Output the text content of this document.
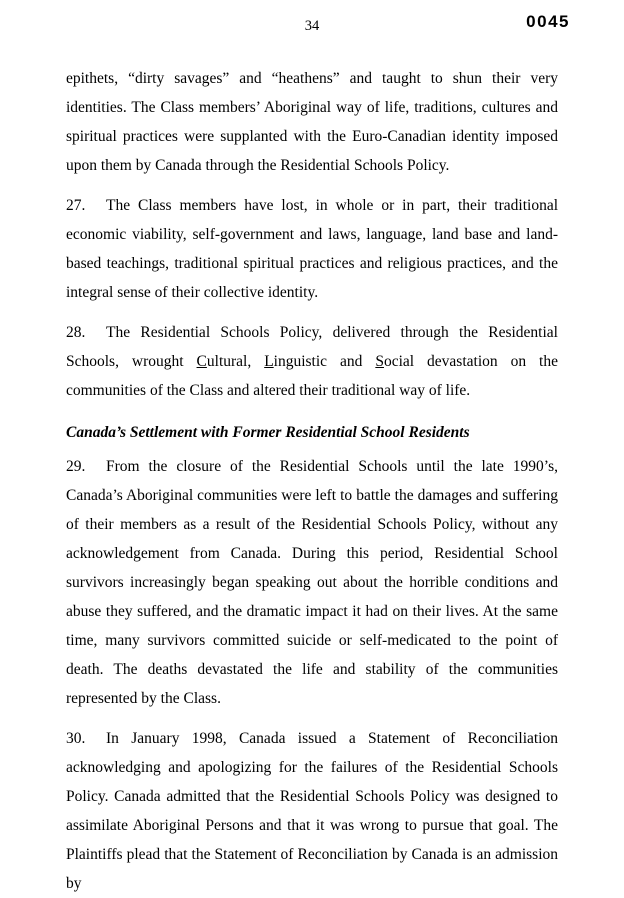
34	0045

epithets, “dirty savages” and “heathens” and taught to shun their very identities. The Class members’ Aboriginal way of life, traditions, cultures and spiritual practices were supplanted with the Euro-Canadian identity imposed upon them by Canada through the Residential Schools Policy.

27. The Class members have lost, in whole or in part, their traditional economic viability, self-government and laws, language, land base and land-based teachings, traditional spiritual practices and religious practices, and the integral sense of their collective identity.

28. The Residential Schools Policy, delivered through the Residential Schools, wrought Cultural, Linguistic and Social devastation on the communities of the Class and altered their traditional way of life.

Canada’s Settlement with Former Residential School Residents

29. From the closure of the Residential Schools until the late 1990’s, Canada’s Aboriginal communities were left to battle the damages and suffering of their members as a result of the Residential Schools Policy, without any acknowledgement from Canada. During this period, Residential School survivors increasingly began speaking out about the horrible conditions and abuse they suffered, and the dramatic impact it had on their lives. At the same time, many survivors committed suicide or self-medicated to the point of death. The deaths devastated the life and stability of the communities represented by the Class.

30. In January 1998, Canada issued a Statement of Reconciliation acknowledging and apologizing for the failures of the Residential Schools Policy. Canada admitted that the Residential Schools Policy was designed to assimilate Aboriginal Persons and that it was wrong to pursue that goal. The Plaintiffs plead that the Statement of Reconciliation by Canada is an admission by
